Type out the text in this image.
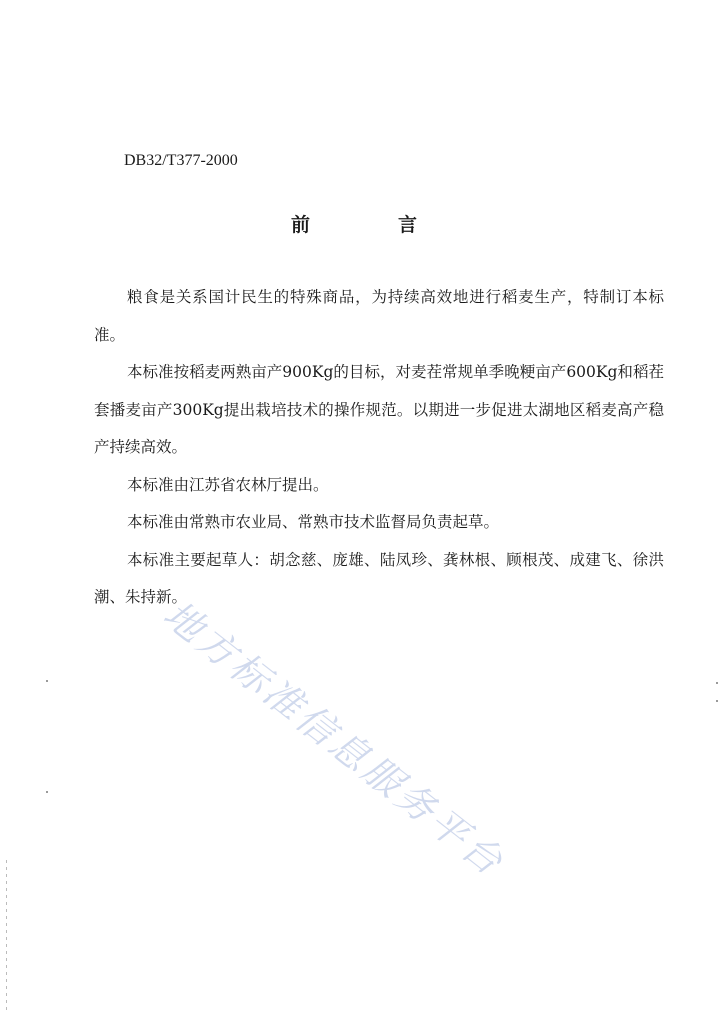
DB32/T377-2000
前	言

粮食是关系国计民生的特殊商品，为持续高效地进行稻麦生产，特制订本标准。

本标准按稻麦两熟亩产900Kg的目标，对麦茬常规单季晚粳亩产600Kg和稻茬套播麦亩产300Kg提出栽培技术的操作规范。以期进一步促进太湖地区稻麦高产稳产持续高效。

本标准由江苏省农林厅提出。

本标准由常熟市农业局、常熟市技术监督局负责起草。

本标准主要起草人：胡念慈、庞雄、陆凤珍、龚林根、顾根茂、成建飞、徐洪潮、朱持新。

地方标准信息服务平台
